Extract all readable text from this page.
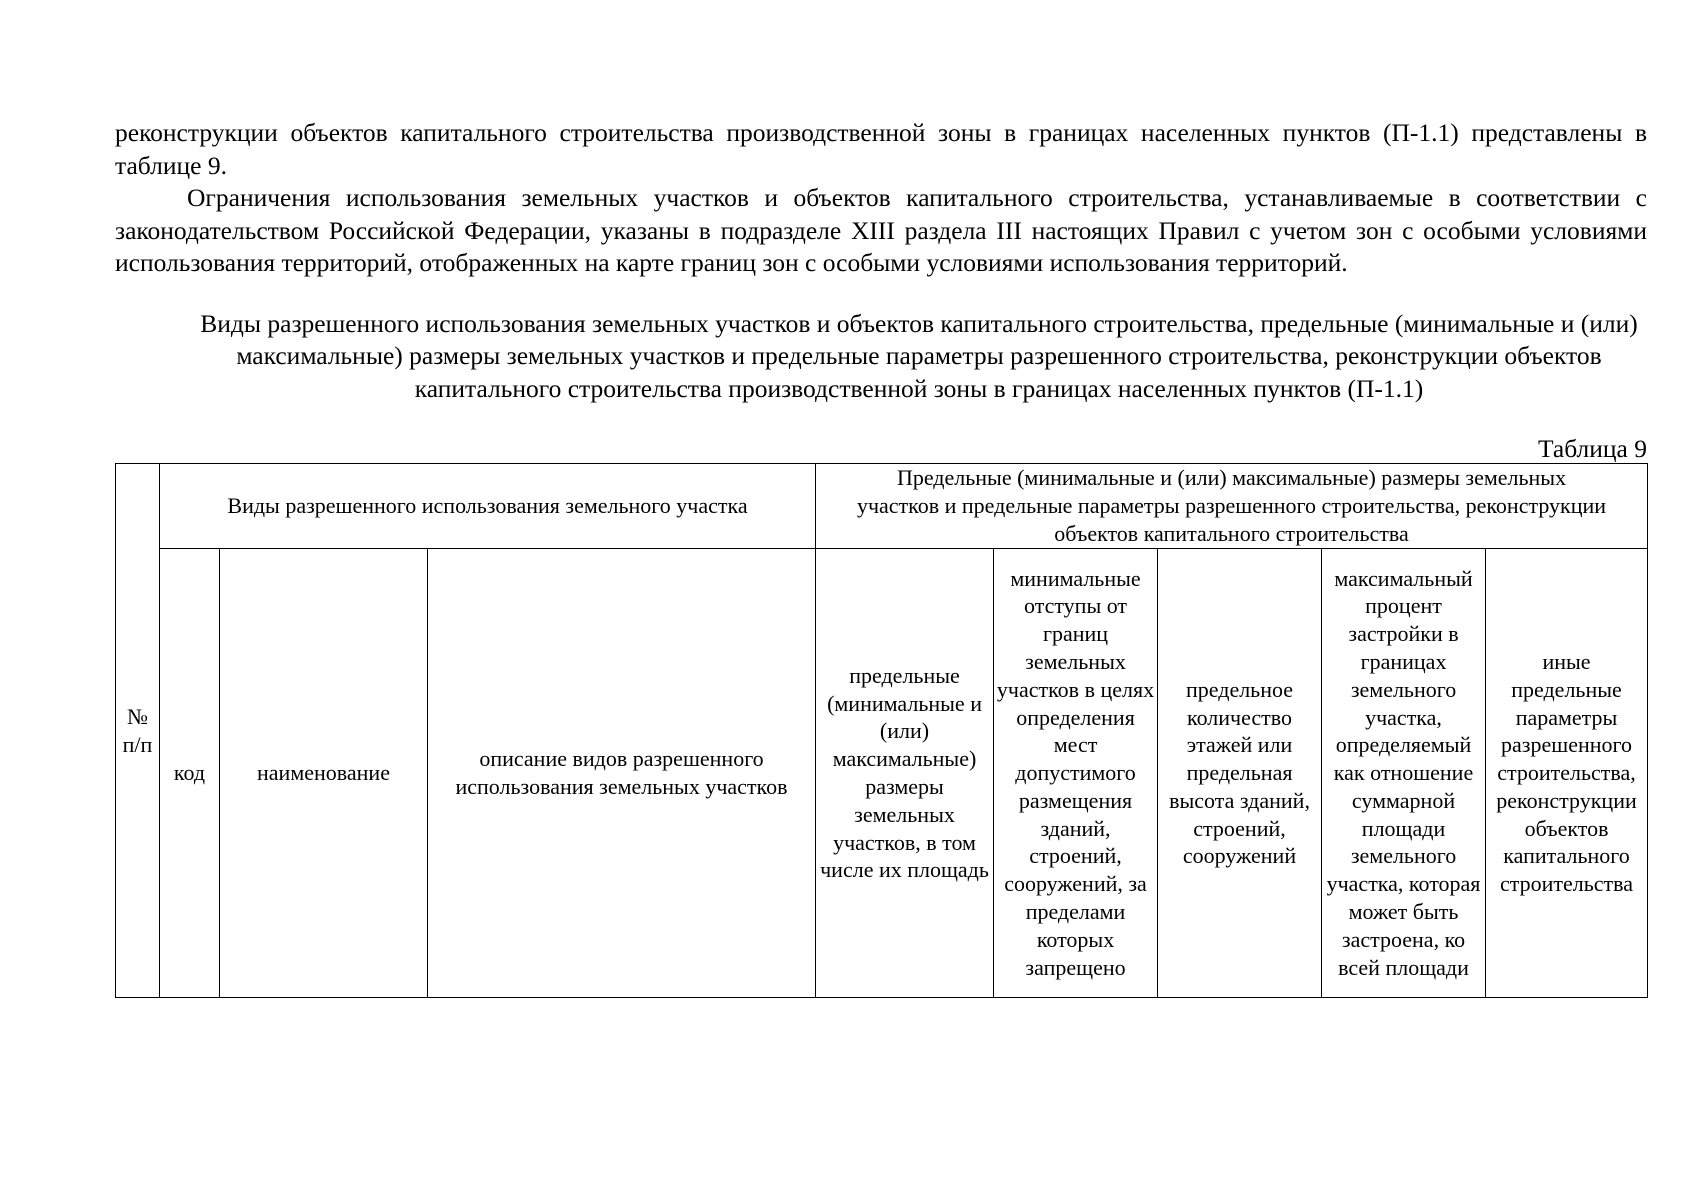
реконструкции объектов капитального строительства производственной зоны в границах населенных пунктов (П-1.1) представлены в таблице 9.

Ограничения использования земельных участков и объектов капитального строительства, устанавливаемые в соответствии с законодательством Российской Федерации, указаны в подразделе XIII раздела III настоящих Правил с учетом зон с особыми условиями использования территорий, отображенных на карте границ зон с особыми условиями использования территорий.

Виды разрешенного использования земельных участков и объектов капитального строительства, предельные (минимальные и (или) максимальные) размеры земельных участков и предельные параметры разрешенного строительства, реконструкции объектов капитального строительства производственной зоны в границах населенных пунктов (П-1.1)

Таблица 9
№ п/п	Виды разрешенного использования земельного участка			Предельные (минимальные и (или) максимальные) размеры земельных участков и предельные параметры разрешенного строительства, реконструкции объектов капитального строительства				

	код	наименование	описание видов разрешенного использования земельных участков	предельные (минимальные и (или) максимальные) размеры земельных участков, в том числе их площадь	минимальные отступы от границ земельных участков в целях определения мест допустимого размещения зданий, строений, сооружений, за пределами которых запрещено	предельное количество этажей или предельная высота зданий, строений, сооружений	максимальный процент застройки в границах земельного участка, определяемый как отношение суммарной площади земельного участка, которая может быть застроена, ко всей площади	иные предельные параметры разрешенного строительства, реконструкции объектов капитального строительства
